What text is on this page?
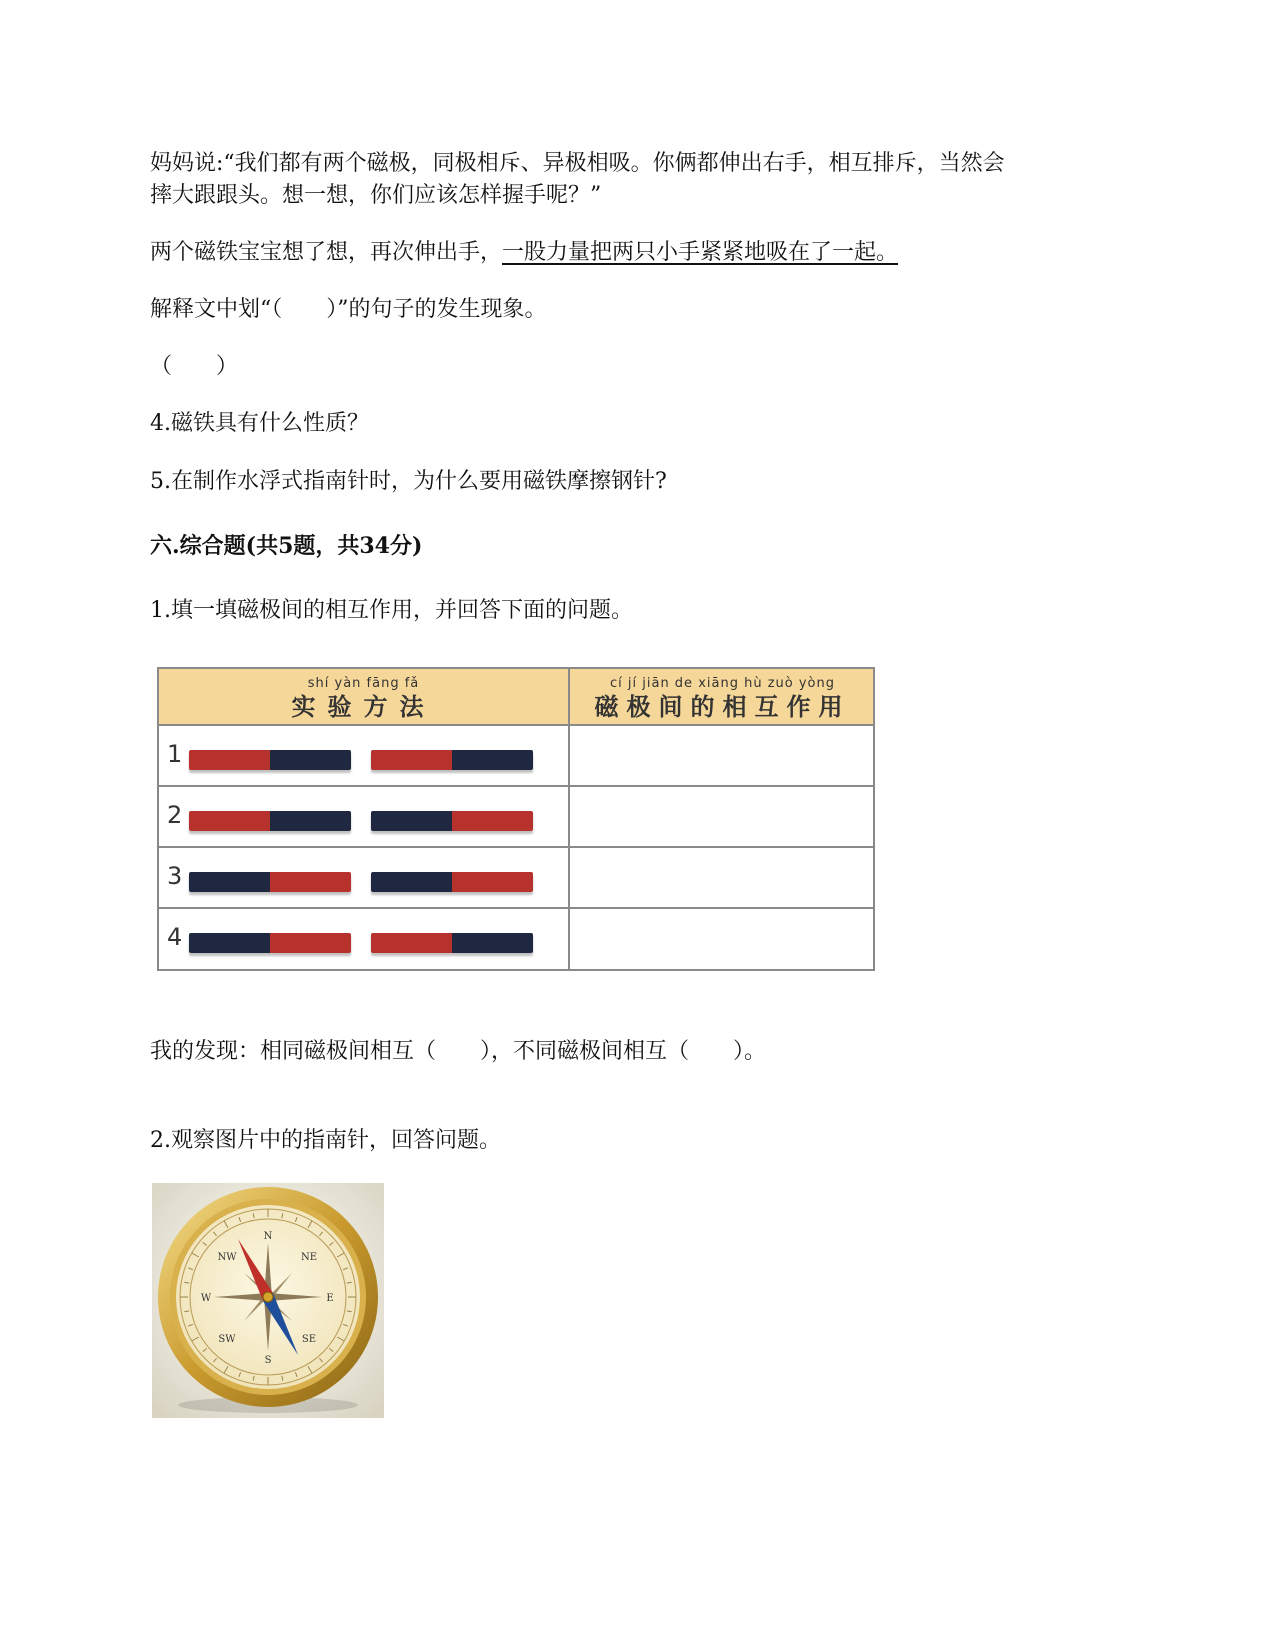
妈妈说:“我们都有两个磁极，同极相斥、异极相吸。你俩都伸出右手，相互排斥，当然会

摔大跟跟头。想一想，你们应该怎样握手呢？”

两个磁铁宝宝想了想，再次伸出手，一股力量把两只小手紧紧地吸在了一起。

解释文中划“（　　）”的句子的发生现象。

（　　）

4.磁铁具有什么性质？

5.在制作水浮式指南针时，为什么要用磁铁摩擦钢针?

六.综合题(共5题，共34分)

1.填一填磁极间的相互作用，并回答下面的问题。

shí yàn fāng fǎ
实验方法
cí jí jiān de xiāng hù zuò yòng
磁极间的相互作用
1
2
3
4

我的发现：相同磁极间相互（　　），不同磁极间相互（　　）。

2.观察图片中的指南针，回答问题。

N
NE
E
SE
S
SW
W
NW
